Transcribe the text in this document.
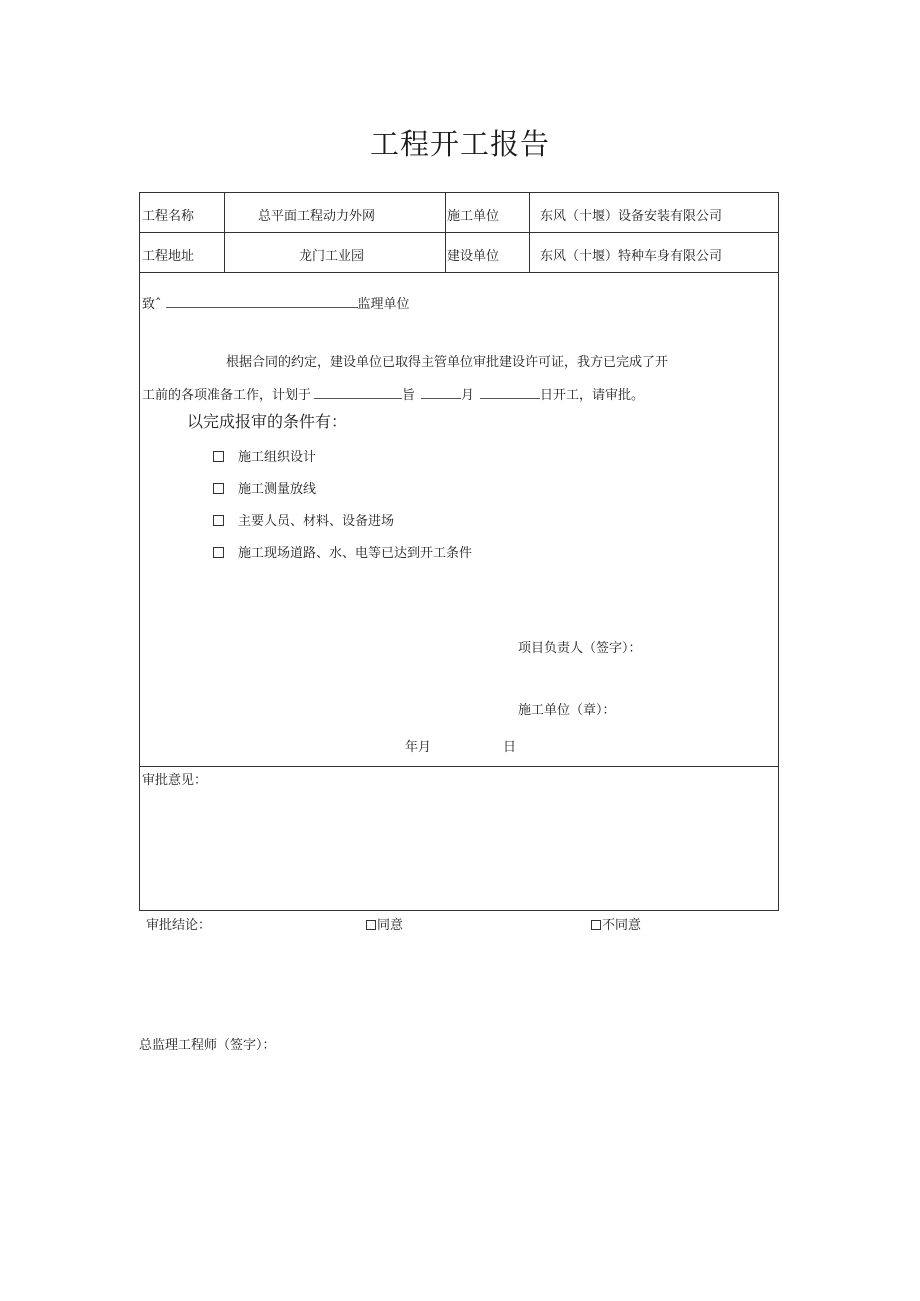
工程开工报告
工程名称	总平面工程动力外网	施工单位	东风（十堰）设备安装有限公司
工程地址	龙门工业园	建设单位	东风（十堰）特种车身有限公司
致ˆ	监理单位
根据合同的约定，建设单位已取得主管单位审批建设许可证，我方已完成了开
工前的各项准备工作，计划于	旨	月	日开工，请审批。
以完成报审的条件有：
施工组织设计
施工测量放线
主要人员、材料、设备进场
施工现场道路、水、电等已达到开工条件
项目负责人（签字）：
施工单位（章）：
年月	日
审批意见：
审批结论：	同意	不同意
总监理工程师（签字）：
